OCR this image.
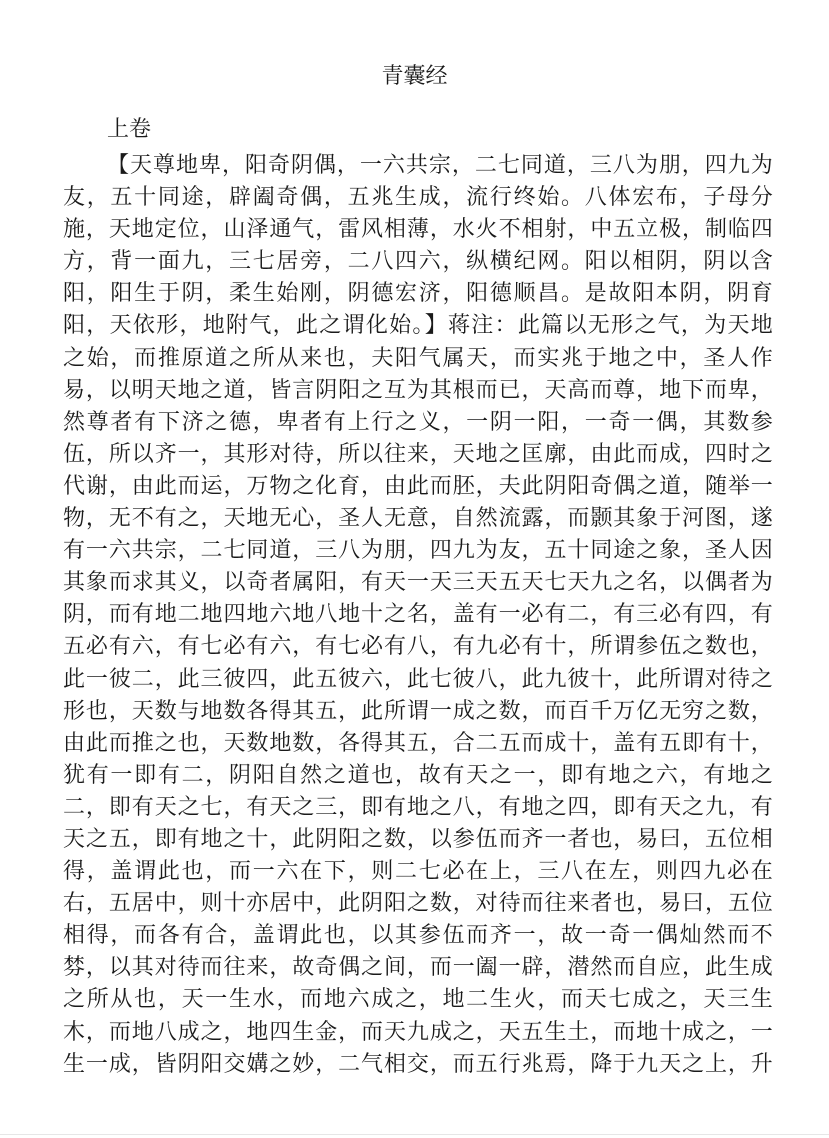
青囊经
上卷
【天尊地卑，阳奇阴偶，一六共宗，二七同道，三八为朋，四九为
友，五十同途，辟阖奇偶，五兆生成，流行终始。八体宏布，子母分
施，天地定位，山泽通气，雷风相薄，水火不相射，中五立极，制临四
方，背一面九，三七居旁，二八四六，纵横纪网。阳以相阴，阴以含
阳，阳生于阴，柔生始刚，阴德宏济，阳德顺昌。是故阳本阴，阴育
阳，天依形，地附气，此之谓化始。】蒋注：此篇以无形之气，为天地
之始，而推原道之所从来也，夫阳气属天，而实兆于地之中，圣人作
易，以明天地之道，皆言阴阳之互为其根而已，天高而尊，地下而卑，
然尊者有下济之德，卑者有上行之义，一阴一阳，一奇一偶，其数参
伍，所以齐一，其形对待，所以往来，天地之匡廓，由此而成，四时之
代谢，由此而运，万物之化育，由此而胚，夫此阴阳奇偶之道，随举一
物，无不有之，天地无心，圣人无意，自然流露，而颢其象于河图，遂
有一六共宗，二七同道，三八为朋，四九为友，五十同途之象，圣人因
其象而求其义，以奇者属阳，有天一天三天五天七天九之名，以偶者为
阴，而有地二地四地六地八地十之名，盖有一必有二，有三必有四，有
五必有六，有七必有六，有七必有八，有九必有十，所谓参伍之数也，
此一彼二，此三彼四，此五彼六，此七彼八，此九彼十，此所谓对待之
形也，天数与地数各得其五，此所谓一成之数，而百千万亿无穷之数，
由此而推之也，天数地数，各得其五，合二五而成十，盖有五即有十，
犹有一即有二，阴阳自然之道也，故有天之一，即有地之六，有地之
二，即有天之七，有天之三，即有地之八，有地之四，即有天之九，有
天之五，即有地之十，此阴阳之数，以参伍而齐一者也，易曰，五位相
得，盖谓此也，而一六在下，则二七必在上，三八在左，则四九必在
右，五居中，则十亦居中，此阴阳之数，对待而往来者也，易曰，五位
相得，而各有合，盖谓此也，以其参伍而齐一，故一奇一偶灿然而不
棼，以其对待而往来，故奇偶之间，而一阖一辟，潜然而自应，此生成
之所从也，天一生水，而地六成之，地二生火，而天七成之，天三生
木，而地八成之，地四生金，而天九成之，天五生土，而地十成之，一
生一成，皆阴阳交媾之妙，二气相交，而五行兆焉，降于九天之上，升
